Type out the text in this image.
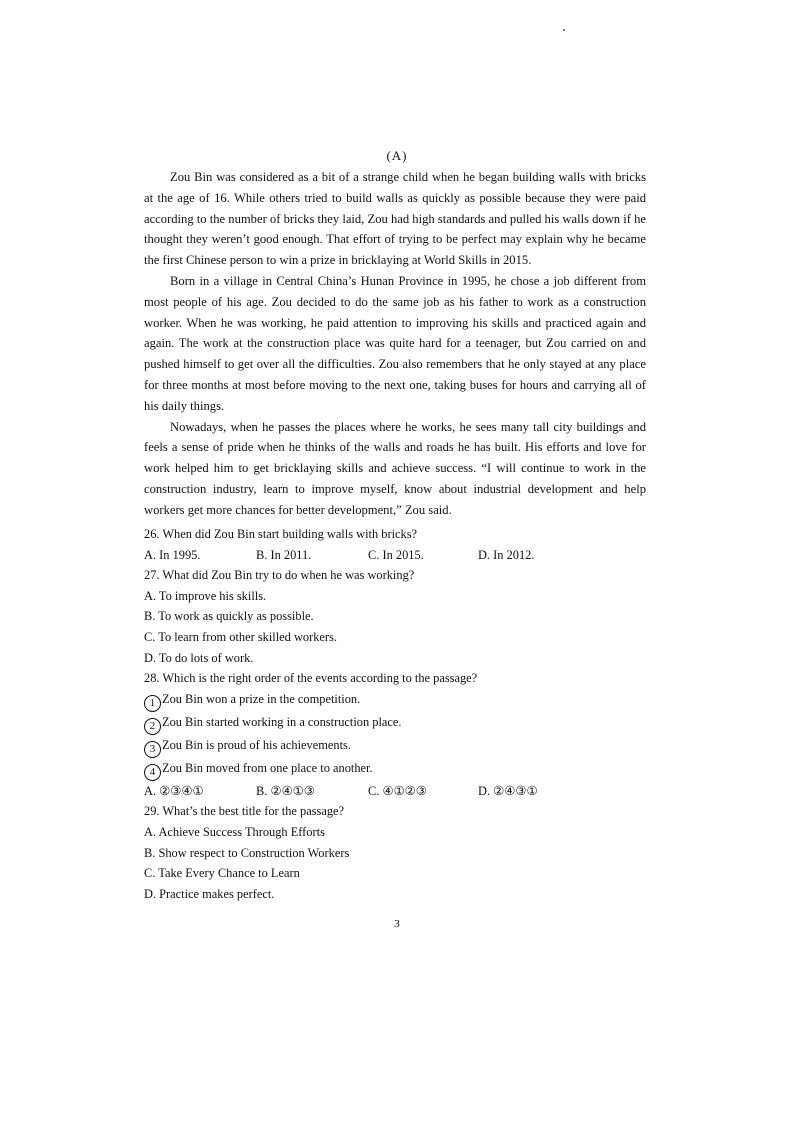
(A)

Zou Bin was considered as a bit of a strange child when he began building walls with bricks at the age of 16. While others tried to build walls as quickly as possible because they were paid according to the number of bricks they laid, Zou had high standards and pulled his walls down if he thought they weren’t good enough. That effort of trying to be perfect may explain why he became the first Chinese person to win a prize in bricklaying at World Skills in 2015.

Born in a village in Central China’s Hunan Province in 1995, he chose a job different from most people of his age. Zou decided to do the same job as his father to work as a construction worker. When he was working, he paid attention to improving his skills and practiced again and again. The work at the construction place was quite hard for a teenager, but Zou carried on and pushed himself to get over all the difficulties. Zou also remembers that he only stayed at any place for three months at most before moving to the next one, taking buses for hours and carrying all of his daily things.

Nowadays, when he passes the places where he works, he sees many tall city buildings and feels a sense of pride when he thinks of the walls and roads he has built. His efforts and love for work helped him to get bricklaying skills and achieve success. “I will continue to work in the construction industry, learn to improve myself, know about industrial development and help workers get more chances for better development,” Zou said.

26. When did Zou Bin start building walls with bricks?
A. In 1995.	B. In 2011.	C. In 2015.	D. In 2012.
27. What did Zou Bin try to do when he was working?
A. To improve his skills.
B. To work as quickly as possible.
C. To learn from other skilled workers.
D. To do lots of work.
28. Which is the right order of the events according to the passage?
1 Zou Bin won a prize in the competition.
2 Zou Bin started working in a construction place.
3 Zou Bin is proud of his achievements.
4 Zou Bin moved from one place to another.
A. ②③④①	B. ②④①③	C. ④①②③	D. ②④③①
29. What’s the best title for the passage?
A. Achieve Success Through Efforts
B. Show respect to Construction Workers
C. Take Every Chance to Learn
D. Practice makes perfect.
3
